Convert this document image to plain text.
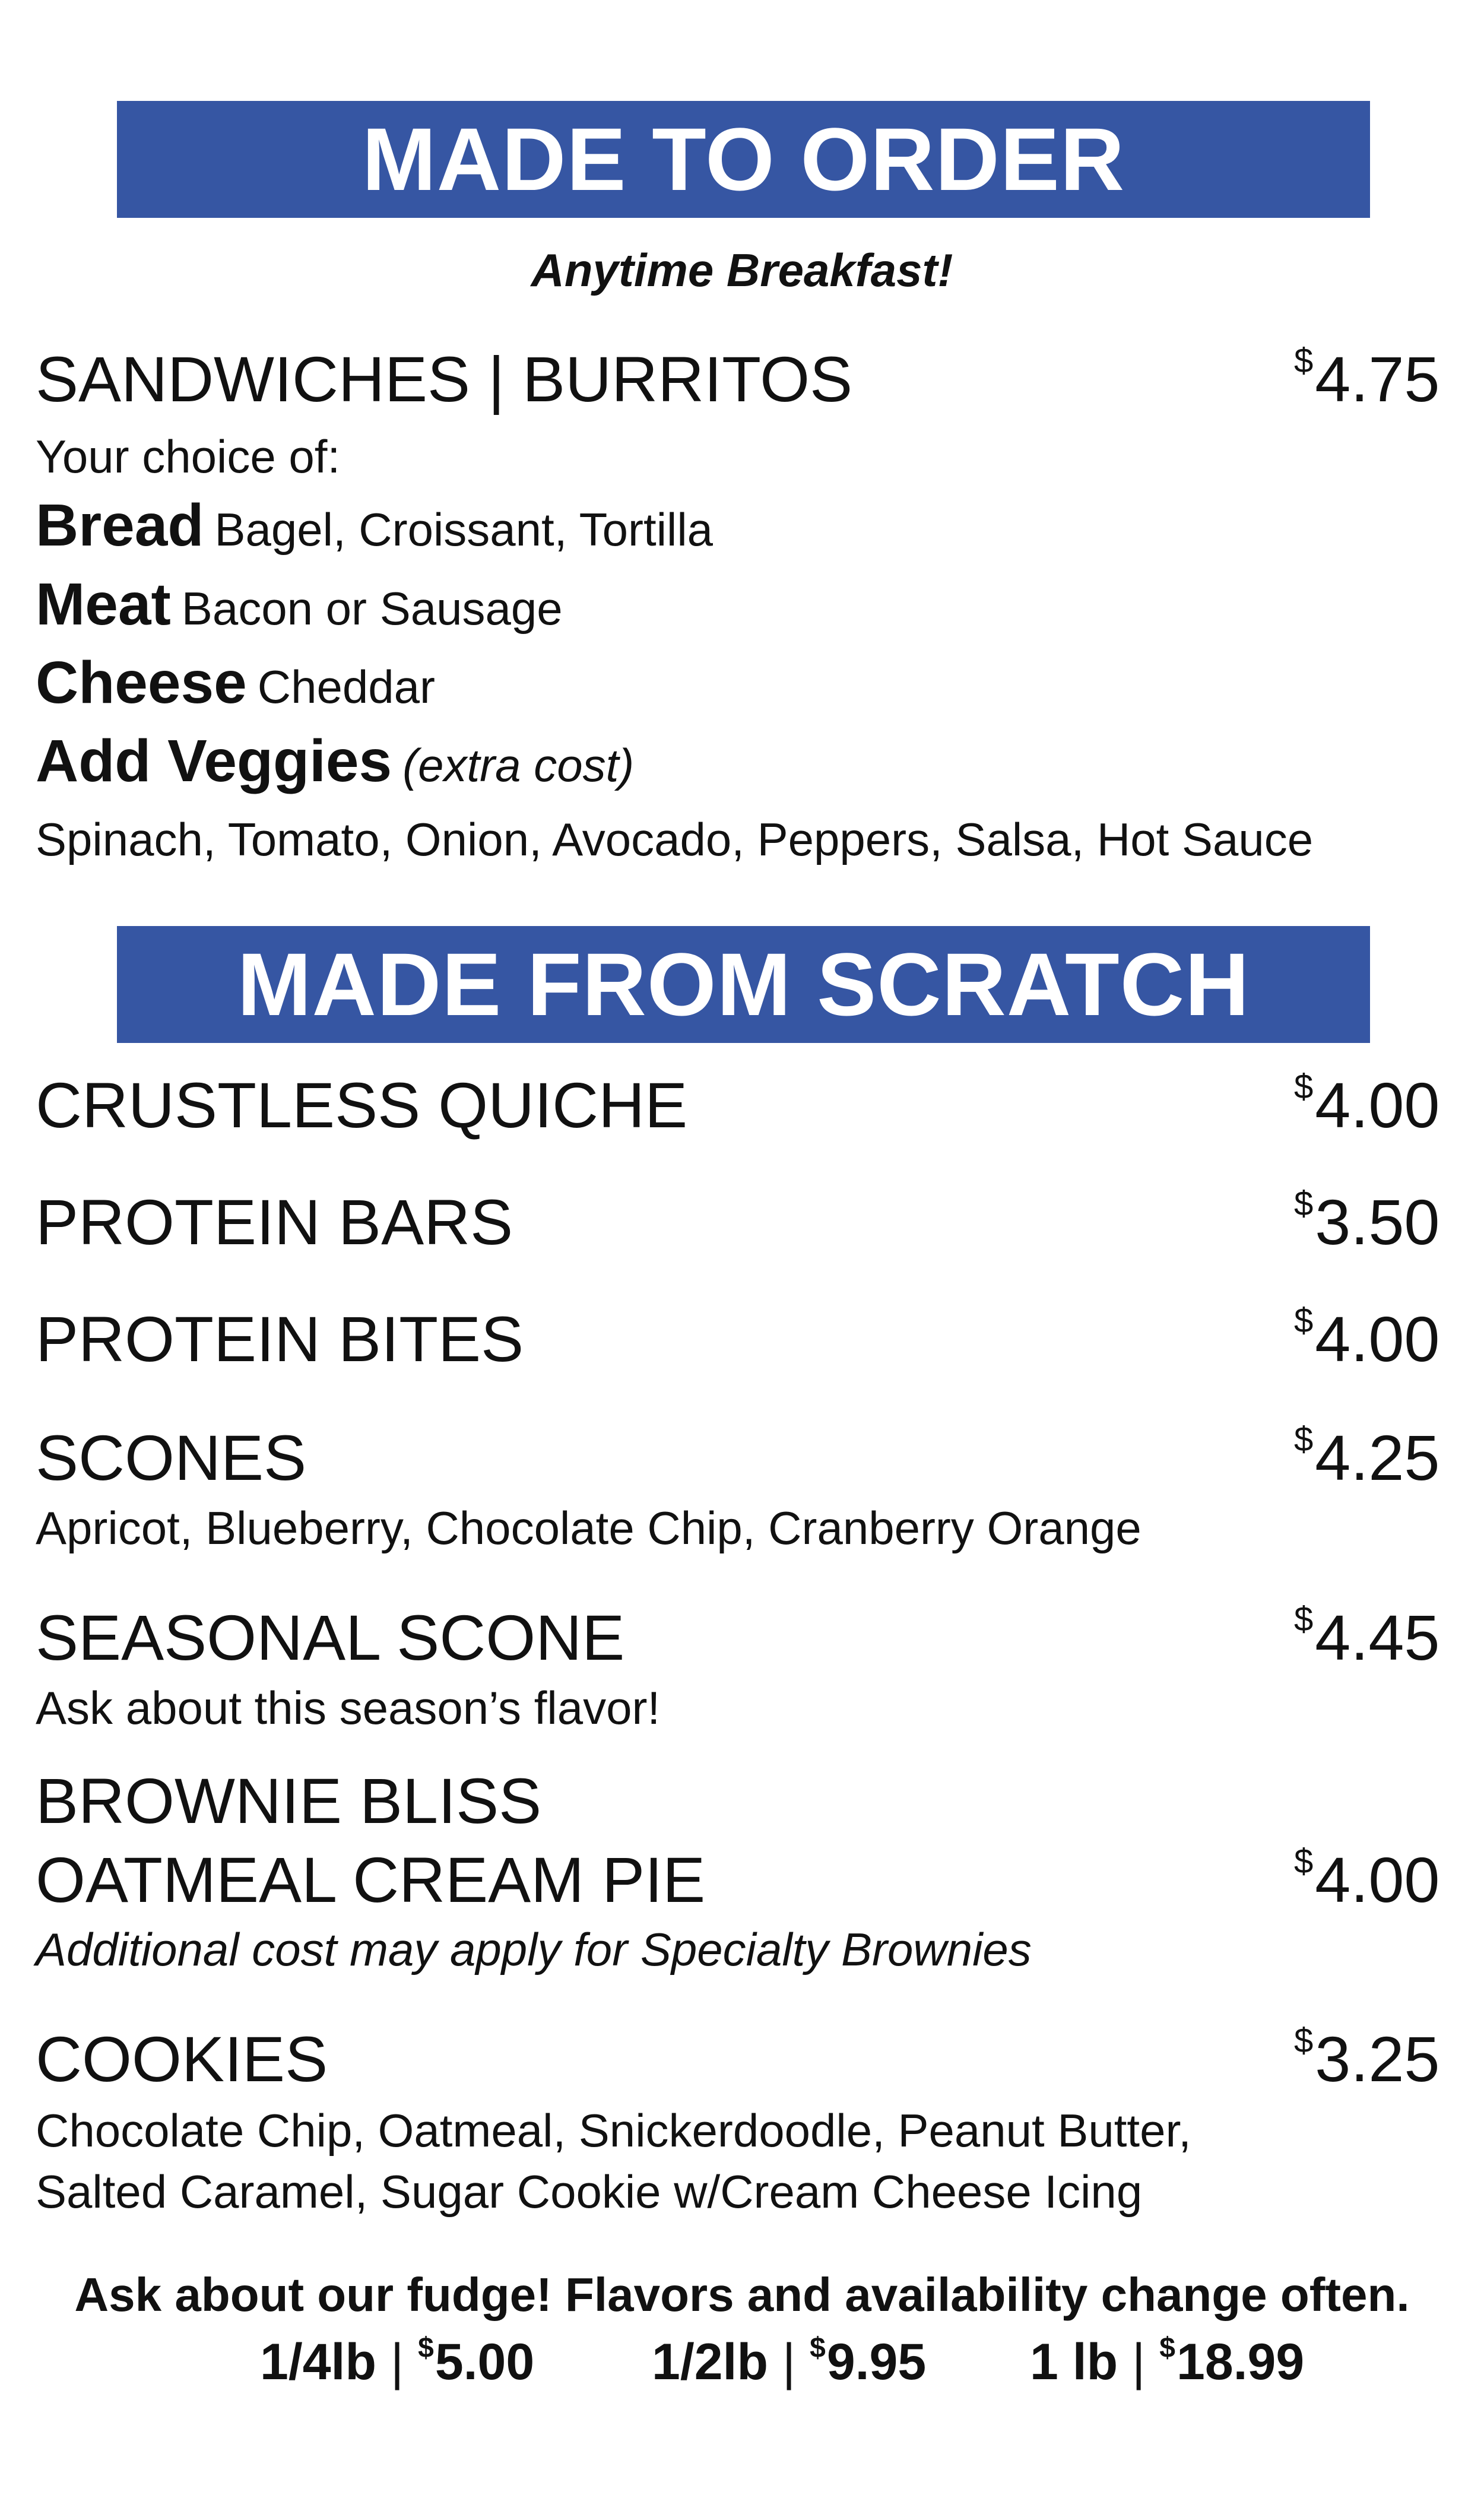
MADE TO ORDER
Anytime Breakfast!
SANDWICHES | BURRITOS	$4.75
Your choice of:
Bread Bagel, Croissant, Tortilla
Meat Bacon or Sausage
Cheese Cheddar
Add Veggies (extra cost)
Spinach, Tomato, Onion, Avocado, Peppers, Salsa, Hot Sauce
MADE FROM SCRATCH
CRUSTLESS QUICHE	$4.00
PROTEIN BARS	$3.50
PROTEIN BITES	$4.00
SCONES	$4.25
Apricot, Blueberry, Chocolate Chip, Cranberry Orange
SEASONAL SCONE	$4.45
Ask about this season’s flavor!
BROWNIE BLISS
OATMEAL CREAM PIE	$4.00
Additional cost may apply for Specialty Brownies
COOKIES	$3.25
Chocolate Chip, Oatmeal, Snickerdoodle, Peanut Butter,
Salted Caramel, Sugar Cookie w/Cream Cheese Icing
Ask about our fudge! Flavors and availability change often.
1/4lb | $5.00 1/2lb | $9.95 1 lb | $18.99
